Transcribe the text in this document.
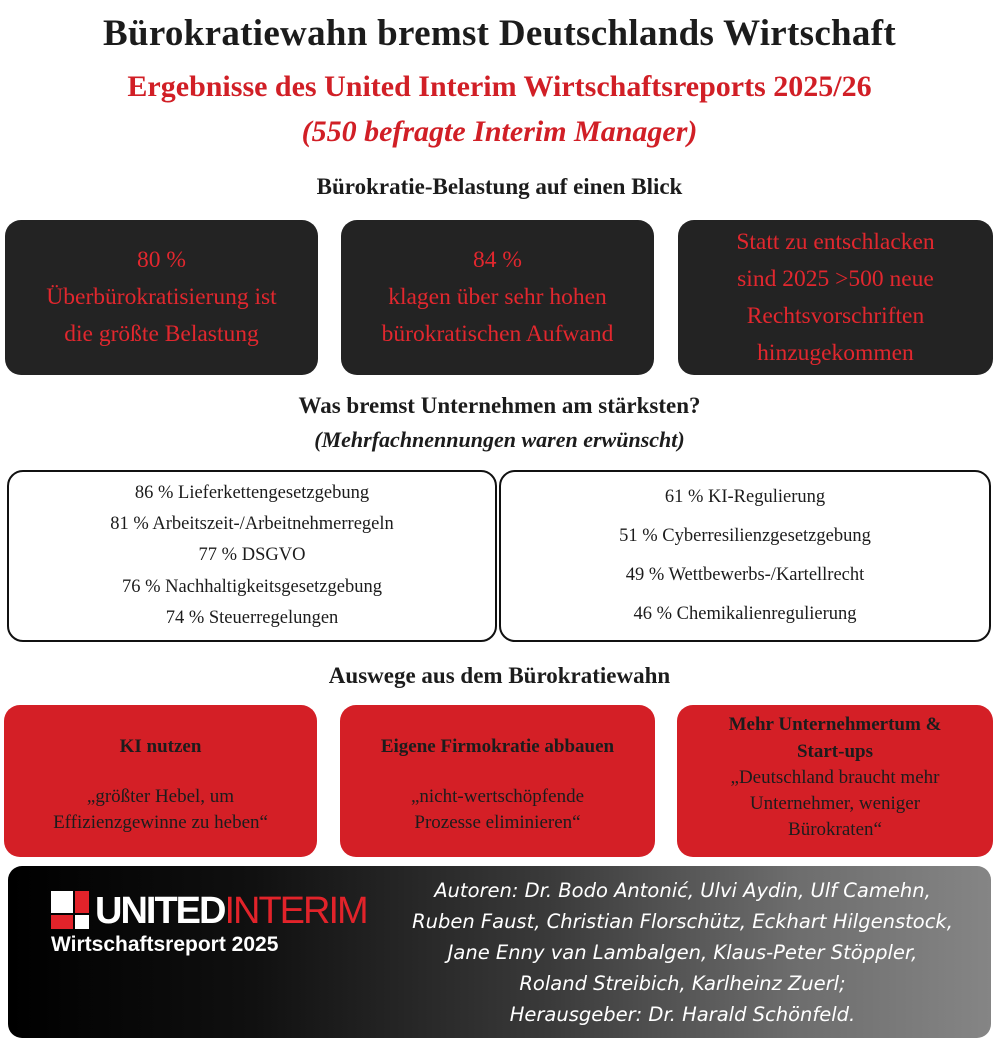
Bürokratiewahn bremst Deutschlands Wirtschaft
Ergebnisse des United Interim Wirtschaftsreports 2025/26
(550 befragte Interim Manager)
Bürokratie-Belastung auf einen Blick
80 %
Überbürokratisierung ist
die größte Belastung
84 %
klagen über sehr hohen
bürokratischen Aufwand
Statt zu entschlacken
sind 2025 >500 neue
Rechtsvorschriften
hinzugekommen
Was bremst Unternehmen am stärksten?
(Mehrfachnennungen waren erwünscht)
86 % Lieferkettengesetzgebung
81 % Arbeitszeit-/Arbeitnehmerregeln
77 % DSGVO
76 % Nachhaltigkeitsgesetzgebung
74 % Steuerregelungen
61 % KI-Regulierung
51 % Cyberresilienzgesetzgebung
49 % Wettbewerbs-/Kartellrecht
46 % Chemikalienregulierung
Auswege aus dem Bürokratiewahn
KI nutzen
„größter Hebel, um
Effizienzgewinne zu heben“
Eigene Firmokratie abbauen
„nicht-wertschöpfende
Prozesse eliminieren“
Mehr Unternehmertum &
Start-ups
„Deutschland braucht mehr
Unternehmer, weniger
Bürokraten“
UNITEDINTERIM
Wirtschaftsreport 2025
Autoren: Dr. Bodo Antonić, Ulvi Aydin, Ulf Camehn,
Ruben Faust, Christian Florschütz, Eckhart Hilgenstock,
Jane Enny van Lambalgen, Klaus-Peter Stöppler,
Roland Streibich, Karlheinz Zuerl;
Herausgeber: Dr. Harald Schönfeld.
